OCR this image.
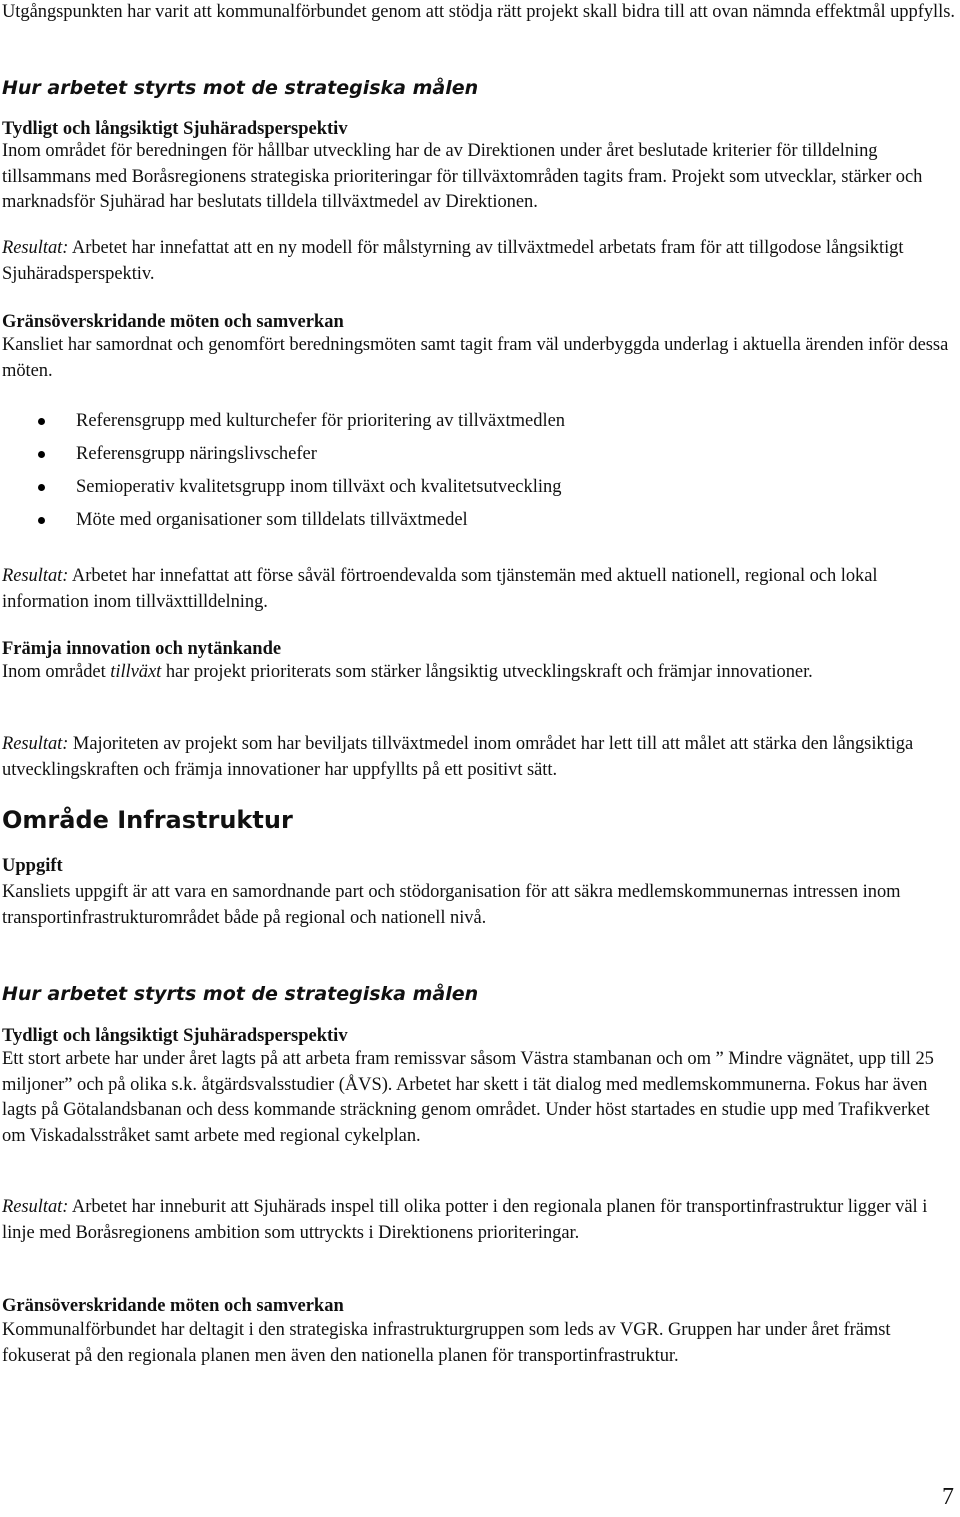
Utgångspunkten har varit att kommunalförbundet genom att stödja rätt projekt skall bidra till att ovan nämnda effektmål uppfylls.

Hur arbetet styrts mot de strategiska målen
Tydligt och långsiktigt Sjuhäradsperspektiv

Inom området för beredningen för hållbar utveckling har de av Direktionen under året beslutade kriterier för tilldelning tillsammans med Boråsregionens strategiska prioriteringar för tillväxtområden tagits fram. Projekt som utvecklar, stärker och marknadsför Sjuhärad har beslutats tilldela tillväxtmedel av Direktionen.

Resultat: Arbetet har innefattat att en ny modell för målstyrning av tillväxtmedel arbetats fram för att tillgodose långsiktigt Sjuhäradsperspektiv.

Gränsöverskridande möten och samverkan

Kansliet har samordnat och genomfört beredningsmöten samt tagit fram väl underbyggda underlag i aktuella ärenden inför dessa möten.

Referensgrupp med kulturchefer för prioritering av tillväxtmedlen
Referensgrupp näringslivschefer
Semioperativ kvalitetsgrupp inom tillväxt och kvalitetsutveckling
Möte med organisationer som tilldelats tillväxtmedel

Resultat: Arbetet har innefattat att förse såväl förtroendevalda som tjänstemän med aktuell nationell, regional och lokal information inom tillväxttilldelning.

Främja innovation och nytänkande

Inom området tillväxt har projekt prioriterats som stärker långsiktig utvecklingskraft och främjar innovationer.

Resultat: Majoriteten av projekt som har beviljats tillväxtmedel inom området har lett till att målet att stärka den långsiktiga utvecklingskraften och främja innovationer har uppfyllts på ett positivt sätt.

Område Infrastruktur
Uppgift

Kansliets uppgift är att vara en samordnande part och stödorganisation för att säkra medlemskommunernas intressen inom transportinfrastrukturområdet både på regional och nationell nivå.

Hur arbetet styrts mot de strategiska målen
Tydligt och långsiktigt Sjuhäradsperspektiv

Ett stort arbete har under året lagts på att arbeta fram remissvar såsom Västra stambanan och om ” Mindre vägnätet, upp till 25 miljoner” och på olika s.k. åtgärdsvalsstudier (ÅVS). Arbetet har skett i tät dialog med medlemskommunerna. Fokus har även lagts på Götalandsbanan och dess kommande sträckning genom området. Under höst startades en studie upp med Trafikverket om Viskadalsstråket samt arbete med regional cykelplan.

Resultat: Arbetet har inneburit att Sjuhärads inspel till olika potter i den regionala planen för transportinfrastruktur ligger väl i linje med Boråsregionens ambition som uttryckts i Direktionens prioriteringar.

Gränsöverskridande möten och samverkan

Kommunalförbundet har deltagit i den strategiska infrastrukturgruppen som leds av VGR. Gruppen har under året främst fokuserat på den regionala planen men även den nationella planen för transportinfrastruktur.

7
